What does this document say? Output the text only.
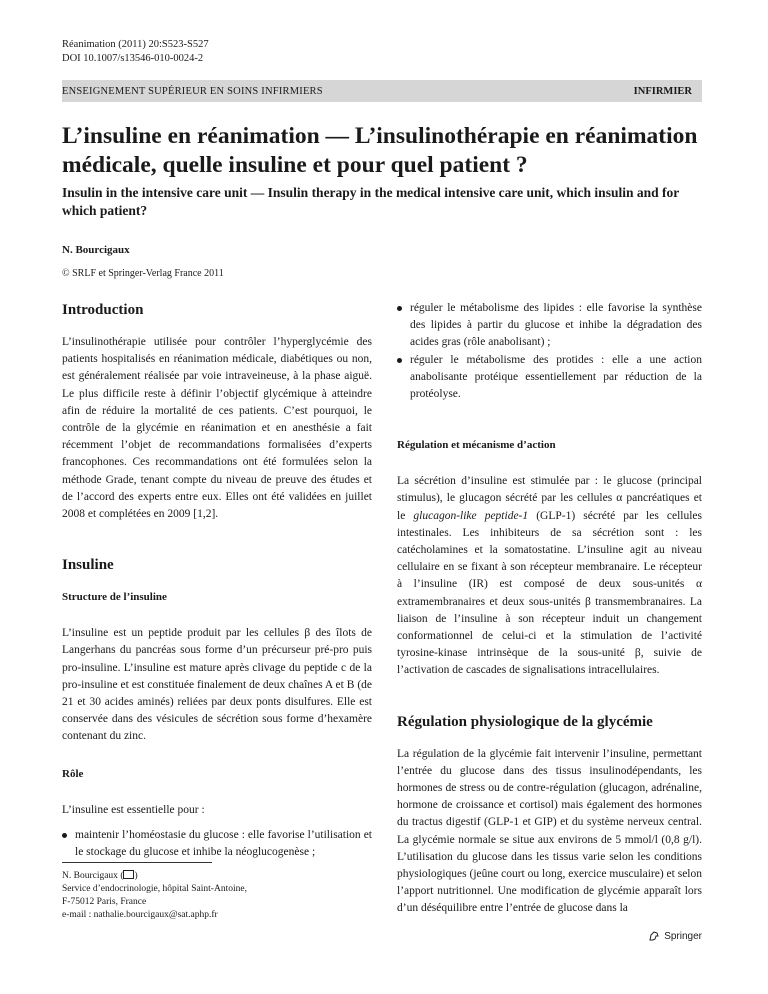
Réanimation (2011) 20:S523-S527
DOI 10.1007/s13546-010-0024-2
ENSEIGNEMENT SUPÉRIEUR EN SOINS INFIRMIERS	INFIRMIER
L’insuline en réanimation — L’insulinothérapie en réanimation médicale, quelle insuline et pour quel patient ?
Insulin in the intensive care unit — Insulin therapy in the medical intensive care unit, which insulin and for which patient?
N. Bourcigaux
© SRLF et Springer-Verlag France 2011
Introduction

L’insulinothérapie utilisée pour contrôler l’hyperglycémie des patients hospitalisés en réanimation médicale, diabétiques ou non, est généralement réalisée par voie intraveineuse, à la phase aiguë. Le plus difficile reste à définir l’objectif glycémique à atteindre afin de réduire la mortalité de ces patients. C’est pourquoi, le contrôle de la glycémie en réanimation et en anesthésie a fait récemment l’objet de recommandations formalisées d’experts francophones. Ces recommandations ont été formulées selon la méthode Grade, tenant compte du niveau de preuve des études et de l’accord des experts entre eux. Elles ont été validées en juillet 2008 et complétées en 2009 [1,2].

Insuline
Structure de l’insuline

L’insuline est un peptide produit par les cellules β des îlots de Langerhans du pancréas sous forme d’un précurseur pré-pro puis pro-insuline. L’insuline est mature après clivage du peptide c de la pro-insuline et est constituée finalement de deux chaînes A et B (de 21 et 30 acides aminés) reliées par deux ponts disulfures. Elle est conservée dans des vésicules de sécrétion sous forme d’hexamère contenant du zinc.

Rôle

L’insuline est essentielle pour :

maintenir l’homéostasie du glucose : elle favorise l’utilisation et le stockage du glucose et inhibe la néoglucogenèse ;
N. Bourcigaux ( )
Service d’endocrinologie, hôpital Saint-Antoine,
F-75012 Paris, France
e-mail : nathalie.bourcigaux@sat.aphp.fr
réguler le métabolisme des lipides : elle favorise la synthèse des lipides à partir du glucose et inhibe la dégradation des acides gras (rôle anabolisant) ;
réguler le métabolisme des protides : elle a une action anabolisante protéique essentiellement par réduction de la protéolyse.
Régulation et mécanisme d’action

La sécrétion d’insuline est stimulée par : le glucose (principal stimulus), le glucagon sécrété par les cellules α pancréatiques et le glucagon-like peptide-1 (GLP-1) sécrété par les cellules intestinales. Les inhibiteurs de sa sécrétion sont : les catécholamines et la somatostatine. L’insuline agit au niveau cellulaire en se fixant à son récepteur membranaire. Le récepteur à l’insuline (IR) est composé de deux sous-unités α extramembranaires et deux sous-unités β transmembranaires. La liaison de l’insuline à son récepteur induit un changement conformationnel de celui-ci et la stimulation de l’activité tyrosine-kinase intrinsèque de la sous-unité β, suivie de l’activation de cascades de signalisations intracellulaires.

Régulation physiologique de la glycémie

La régulation de la glycémie fait intervenir l’insuline, permettant l’entrée du glucose dans des tissus insulinodépendants, les hormones de stress ou de contre-régulation (glucagon, adrénaline, hormone de croissance et cortisol) mais également des hormones du tractus digestif (GLP-1 et GIP) et du système nerveux central. La glycémie normale se situe aux environs de 5 mmol/l (0,8 g/l). L’utilisation du glucose dans les tissus varie selon les conditions physiologiques (jeûne court ou long, exercice musculaire) et selon l’apport nutritionnel. Une modification de glycémie apparaît lors d’un déséquilibre entre l’entrée de glucose dans la

Springer
